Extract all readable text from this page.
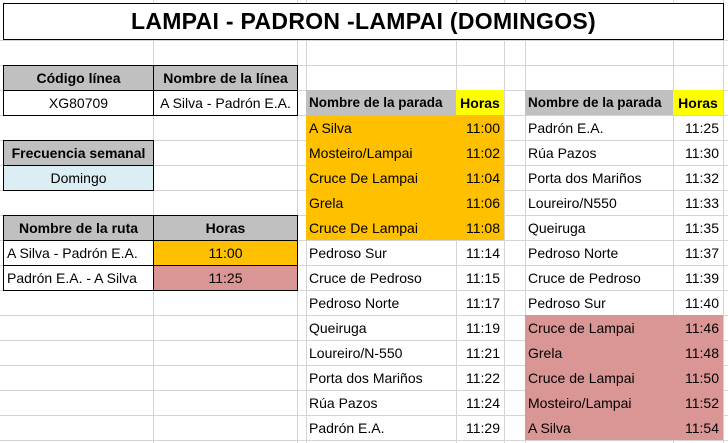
LAMPAI - PADRON -LAMPAI (DOMINGOS)
Código línea	Nombre de la línea
XG80709	A Silva - Padrón E.A.
Frecuencia semanal
Domingo
Nombre de la ruta	Horas
A Silva - Padrón E.A.	11:00
Padrón E.A. - A Silva	11:25
Nombre de la parada	Horas
A Silva	11:00
Mosteiro/Lampai	11:02
Cruce De Lampai	11:04
Grela	11:06
Cruce De Lampai	11:08
Pedroso Sur	11:14
Cruce de Pedroso	11:15
Pedroso Norte	11:17
Queiruga	11:19
Loureiro/N-550	11:21
Porta dos Mariños	11:22
Rúa Pazos	11:24
Padrón E.A.	11:29
Nombre de la parada	Horas
Padrón E.A.	11:25
Rúa Pazos	11:30
Porta dos Mariños	11:32
Loureiro/N550	11:33
Queiruga	11:35
Pedroso Norte	11:37
Cruce de Pedroso	11:39
Pedroso Sur	11:40
Cruce de Lampai	11:46
Grela	11:48
Cruce de Lampai	11:50
Mosteiro/Lampai	11:52
A Silva	11:54
